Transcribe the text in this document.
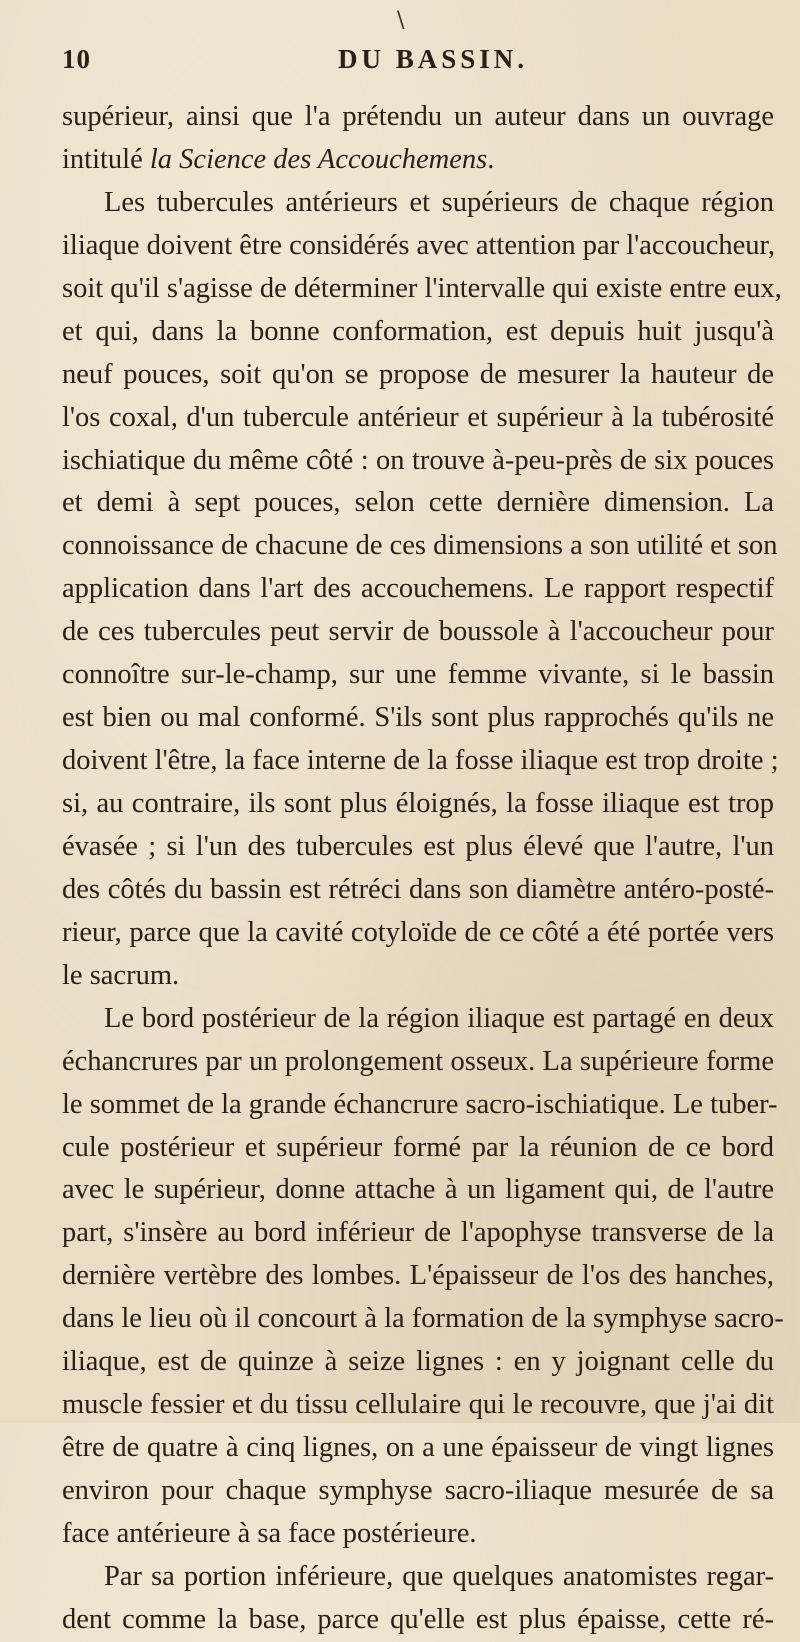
\
10	DU BASSIN.
supérieur, ainsi que l'a prétendu un auteur dans un ouvrage
intitulé la Science des Accouchemens.
Les tubercules antérieurs et supérieurs de chaque région
iliaque doivent être considérés avec attention par l'accoucheur,
soit qu'il s'agisse de déterminer l'intervalle qui existe entre eux,
et qui, dans la bonne conformation, est depuis huit jusqu'à
neuf pouces, soit qu'on se propose de mesurer la hauteur de
l'os coxal, d'un tubercule antérieur et supérieur à la tubérosité
ischiatique du même côté : on trouve à-peu-près de six pouces
et demi à sept pouces, selon cette dernière dimension. La
connoissance de chacune de ces dimensions a son utilité et son
application dans l'art des accouchemens. Le rapport respectif
de ces tubercules peut servir de boussole à l'accoucheur pour
connoître sur-le-champ, sur une femme vivante, si le bassin
est bien ou mal conformé. S'ils sont plus rapprochés qu'ils ne
doivent l'être, la face interne de la fosse iliaque est trop droite ;
si, au contraire, ils sont plus éloignés, la fosse iliaque est trop
évasée ; si l'un des tubercules est plus élevé que l'autre, l'un
des côtés du bassin est rétréci dans son diamètre antéro-posté-
rieur, parce que la cavité cotyloïde de ce côté a été portée vers
le sacrum.
Le bord postérieur de la région iliaque est partagé en deux
échancrures par un prolongement osseux. La supérieure forme
le sommet de la grande échancrure sacro-ischiatique. Le tuber-
cule postérieur et supérieur formé par la réunion de ce bord
avec le supérieur, donne attache à un ligament qui, de l'autre
part, s'insère au bord inférieur de l'apophyse transverse de la
dernière vertèbre des lombes. L'épaisseur de l'os des hanches,
dans le lieu où il concourt à la formation de la symphyse sacro-
iliaque, est de quinze à seize lignes : en y joignant celle du
muscle fessier et du tissu cellulaire qui le recouvre, que j'ai dit
être de quatre à cinq lignes, on a une épaisseur de vingt lignes
environ pour chaque symphyse sacro-iliaque mesurée de sa
face antérieure à sa face postérieure.
Par sa portion inférieure, que quelques anatomistes regar-
dent comme la base, parce qu'elle est plus épaisse, cette ré-
